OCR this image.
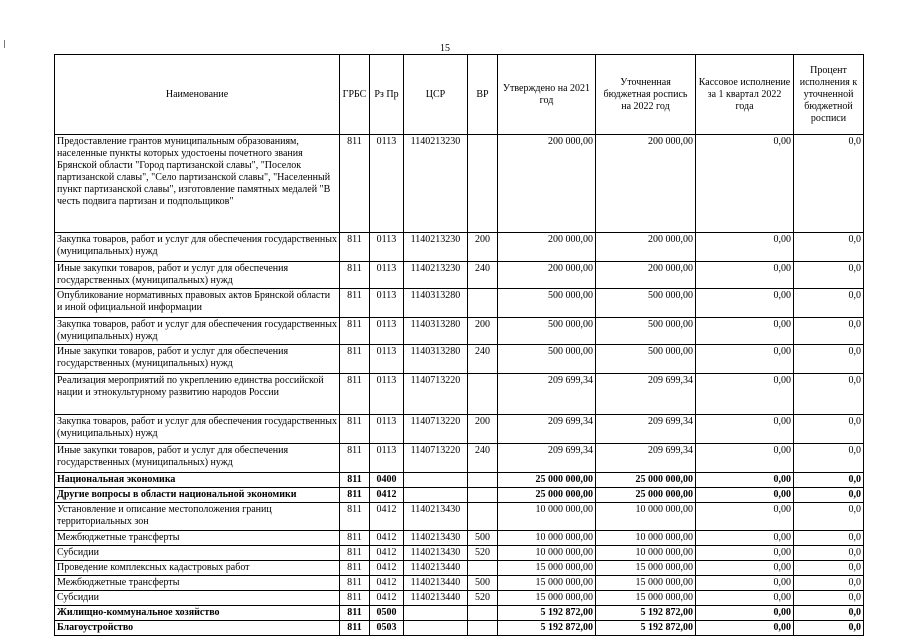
15
Наименование	ГРБС	Рз Пр	ЦСР	ВР	Утверждено на 2021 год	Уточненная бюджетная роспись на 2022 год	Кассовое исполнение за 1 квартал 2022 года	Процент исполнения к уточненной бюджетной росписи
Предоставление грантов муниципальным образованиям, населенные пункты которых удостоены почетного звания Брянской области "Город партизанской славы", "Поселок партизанской славы", "Село партизанской славы", "Населенный пункт партизанской славы", изготовление памятных медалей "В честь подвига партизан и подпольщиков"	811	0113	1140213230		200 000,00	200 000,00	0,00	0,0
Закупка товаров, работ и услуг для обеспечения государственных (муниципальных) нужд	811	0113	1140213230	200	200 000,00	200 000,00	0,00	0,0
Иные закупки товаров, работ и услуг для обеспечения государственных (муниципальных) нужд	811	0113	1140213230	240	200 000,00	200 000,00	0,00	0,0
Опубликование нормативных правовых актов Брянской области и иной официальной информации	811	0113	1140313280		500 000,00	500 000,00	0,00	0,0
Закупка товаров, работ и услуг для обеспечения государственных (муниципальных) нужд	811	0113	1140313280	200	500 000,00	500 000,00	0,00	0,0
Иные закупки товаров, работ и услуг для обеспечения государственных (муниципальных) нужд	811	0113	1140313280	240	500 000,00	500 000,00	0,00	0,0
Реализация мероприятий по укреплению единства российской нации и этнокультурному развитию народов России	811	0113	1140713220		209 699,34	209 699,34	0,00	0,0
Закупка товаров, работ и услуг для обеспечения государственных (муниципальных) нужд	811	0113	1140713220	200	209 699,34	209 699,34	0,00	0,0
Иные закупки товаров, работ и услуг для обеспечения государственных (муниципальных) нужд	811	0113	1140713220	240	209 699,34	209 699,34	0,00	0,0
Национальная экономика	811	0400			25 000 000,00	25 000 000,00	0,00	0,0
Другие вопросы в области национальной экономики	811	0412			25 000 000,00	25 000 000,00	0,00	0,0
Установление и описание местоположения границ территориальных зон	811	0412	1140213430		10 000 000,00	10 000 000,00	0,00	0,0
Межбюджетные трансферты	811	0412	1140213430	500	10 000 000,00	10 000 000,00	0,00	0,0
Субсидии	811	0412	1140213430	520	10 000 000,00	10 000 000,00	0,00	0,0
Проведение комплексных кадастровых работ	811	0412	1140213440		15 000 000,00	15 000 000,00	0,00	0,0
Межбюджетные трансферты	811	0412	1140213440	500	15 000 000,00	15 000 000,00	0,00	0,0
Субсидии	811	0412	1140213440	520	15 000 000,00	15 000 000,00	0,00	0,0
Жилищно-коммунальное хозяйство	811	0500			5 192 872,00	5 192 872,00	0,00	0,0
Благоустройство	811	0503			5 192 872,00	5 192 872,00	0,00	0,0
